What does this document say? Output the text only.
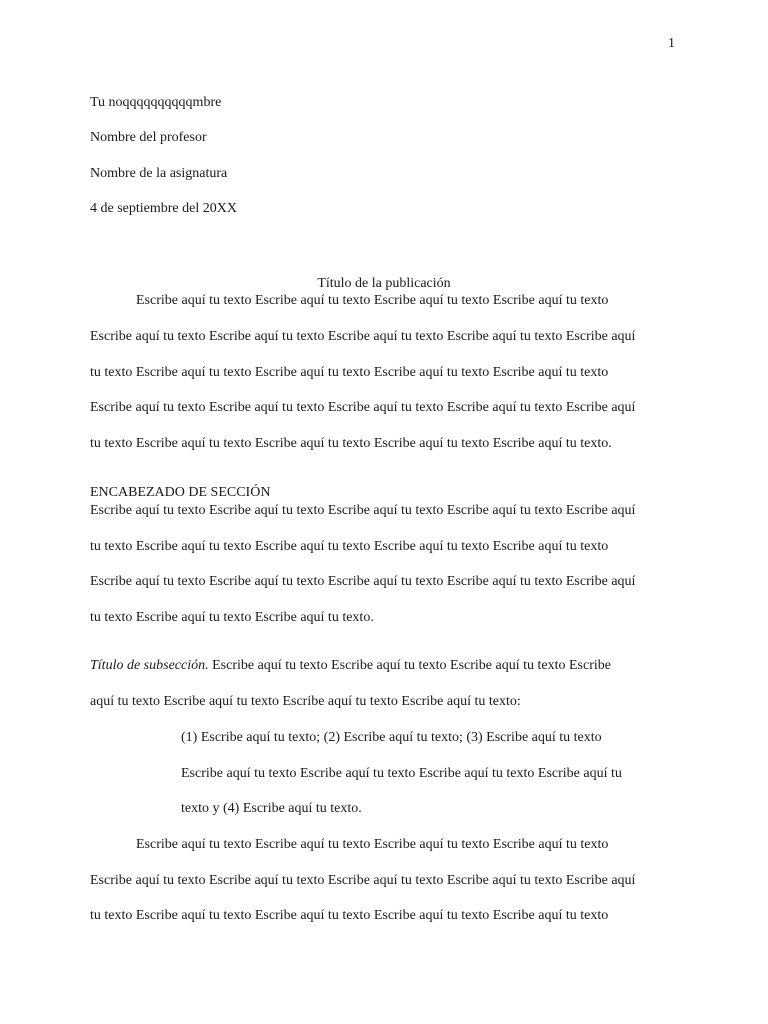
1
Tu noqqqqqqqqqqmbre
Nombre del profesor
Nombre de la asignatura
4 de septiembre del 20XX
Título de la publicación
Escribe aquí tu texto Escribe aquí tu texto Escribe aquí tu texto Escribe aquí tu texto
Escribe aquí tu texto Escribe aquí tu texto Escribe aquí tu texto Escribe aquí tu texto Escribe aquí
tu texto Escribe aquí tu texto Escribe aquí tu texto Escribe aquí tu texto Escribe aquí tu texto
Escribe aquí tu texto Escribe aquí tu texto Escribe aquí tu texto Escribe aquí tu texto Escribe aquí
tu texto Escribe aquí tu texto Escribe aquí tu texto Escribe aquí tu texto Escribe aquí tu texto.
ENCABEZADO DE SECCIÓN
Escribe aquí tu texto Escribe aquí tu texto Escribe aquí tu texto Escribe aquí tu texto Escribe aquí
tu texto Escribe aquí tu texto Escribe aquí tu texto Escribe aquí tu texto Escribe aquí tu texto
Escribe aquí tu texto Escribe aquí tu texto Escribe aquí tu texto Escribe aquí tu texto Escribe aquí
tu texto Escribe aquí tu texto Escribe aquí tu texto.
Título de subsección. Escribe aquí tu texto Escribe aquí tu texto Escribe aquí tu texto Escribe
aquí tu texto Escribe aquí tu texto Escribe aquí tu texto Escribe aquí tu texto:
(1) Escribe aquí tu texto; (2) Escribe aquí tu texto; (3) Escribe aquí tu texto
Escribe aquí tu texto Escribe aquí tu texto Escribe aquí tu texto Escribe aquí tu
texto y (4) Escribe aquí tu texto.
Escribe aquí tu texto Escribe aquí tu texto Escribe aquí tu texto Escribe aquí tu texto
Escribe aquí tu texto Escribe aquí tu texto Escribe aquí tu texto Escribe aquí tu texto Escribe aquí
tu texto Escribe aquí tu texto Escribe aquí tu texto Escribe aquí tu texto Escribe aquí tu texto
